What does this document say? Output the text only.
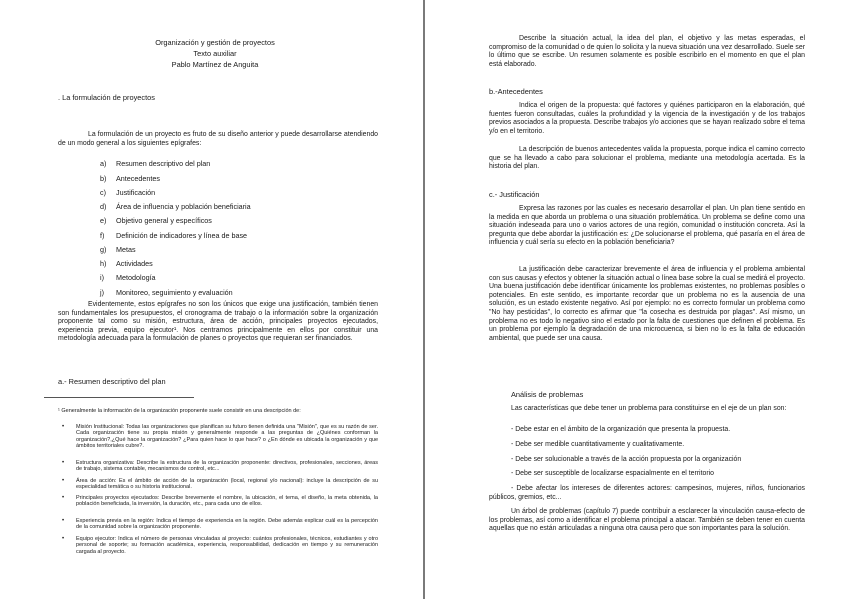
Organización y gestión de proyectos
Texto auxiliar
Pablo Martínez de Anguita
. La formulación de proyectos

La formulación de un proyecto es fruto de su diseño anterior y puede desarrollarse atendiendo de un modo general a los siguientes epígrafes:

a) Resumen descriptivo del plan
b) Antecedentes
c) Justificación
d) Área de influencia y población beneficiaria
e) Objetivo general y específicos
f) Definición de indicadores y línea de base
g) Metas
h) Actividades
i) Metodología
j) Monitoreo, seguimiento y evaluación

Evidentemente, estos epígrafes no son los únicos que exige una justificación, también tienen son fundamentales los presupuestos, el cronograma de trabajo o la información sobre la organización proponente tal como su misión, estructura, área de acción, principales proyectos ejecutados, experiencia previa, equipo ejecutor¹. Nos centramos principalmente en ellos por constituir una metodología adecuada para la formulación de planes o proyectos que requieran ser financiados.

a.- Resumen descriptivo del plan

¹ Generalmente la información de la organización proponente suele consistir en una descripción de:

• Misión Institucional: Todas las organizaciones que planifican su futuro tienen definida una "Misión", que es su razón de ser. Cada organización tiene su propia misión y generalmente responde a las preguntas de ¿Quiénes conforman la organización?,¿Qué hace la organización? ¿Para quien hace lo que hace? o ¿En dónde es ubicada la organización y que ámbitos territoriales cubre?.

• Estructura organizativa: Describe la estructura de la organización proponente: directivos, profesionales, secciones, áreas de trabajo, sistema contable, mecanismos de control, etc...

• Área de acción: Es el ámbito de acción de la organización (local, regional y/o nacional): incluye la descripción de su especialidad temática o su historia institucional.

• Principales proyectos ejecutados: Describe brevemente el nombre, la ubicación, el tema, el diseño, la meta obtenida, la población beneficiada, la inversión, la duración, etc., para cada uno de ellos.

• Experiencia previa en la región: Indica el tiempo de experiencia en la región. Debe además explicar cuál es la percepción de la comunidad sobre la organización proponente.

• Equipo ejecutor: Indica el número de personas vinculadas al proyecto: cuántos profesionales, técnicos, estudiantes y otro personal de soporte; su formación académica, experiencia, responsabilidad, dedicación en tiempo y su remuneración cargada al proyecto.

Describe la situación actual, la idea del plan, el objetivo y las metas esperadas, el compromiso de la comunidad o de quien lo solicita y la nueva situación una vez desarrollado. Suele ser lo último que se escribe. Un resumen solamente es posible escribirlo en el momento en que el plan está elaborado.

b.-Antecedentes

Indica el origen de la propuesta: qué factores y quiénes participaron en la elaboración, qué fuentes fueron consultadas, cuáles la profundidad y la vigencia de la investigación y de los trabajos previos asociados a la propuesta. Describe trabajos y/o acciones que se hayan realizado sobre el tema y/o en el territorio.

La descripción de buenos antecedentes valida la propuesta, porque indica el camino correcto que se ha llevado a cabo para solucionar el problema, mediante una metodología acertada. Es la historia del plan.

c.- Justificación

Expresa las razones por las cuales es necesario desarrollar el plan. Un plan tiene sentido en la medida en que aborda un problema o una situación problemática. Un problema se define como una situación indeseada para uno o varios actores de una región, comunidad o institución concreta. Así la pregunta que debe abordar la justificación es: ¿De solucionarse el problema, qué pasaría en el área de influencia y cuál sería su efecto en la población beneficiaria?

La justificación debe caracterizar brevemente el área de influencia y el problema ambiental con sus causas y efectos y obtener la situación actual o línea base sobre la cual se medirá el proyecto. Una buena justificación debe identificar únicamente los problemas existentes, no problemas posibles o potenciales. En este sentido, es importante recordar que un problema no es la ausencia de una solución, es un estado existente negativo. Así por ejemplo: no es correcto formular un problema como "No hay pesticidas", lo correcto es afirmar que "la cosecha es destruida por plagas". Así mismo, un problema no es todo lo negativo sino el estado por la falta de cuestiones que definen el problema. Es un problema por ejemplo la degradación de una microcuenca, si bien no lo es la falta de educación ambiental, que puede ser una causa.

Análisis de problemas

Las características que debe tener un problema para constituirse en el eje de un plan son:

- Debe estar en el ámbito de la organización que presenta la propuesta.
- Debe ser medible cuantitativamente y cualitativamente.
- Debe ser solucionable a través de la acción propuesta por la organización
- Debe ser susceptible de localizarse espacialmente en el territorio

- Debe afectar los intereses de diferentes actores: campesinos, mujeres, niños, funcionarios públicos, gremios, etc...

Un árbol de problemas (capítulo 7) puede contribuir a esclarecer la vinculación causa-efecto de los problemas, así como a identificar el problema principal a atacar. También se deben tener en cuenta aquellas que no están articuladas a ninguna otra causa pero que son importantes para la solución.
